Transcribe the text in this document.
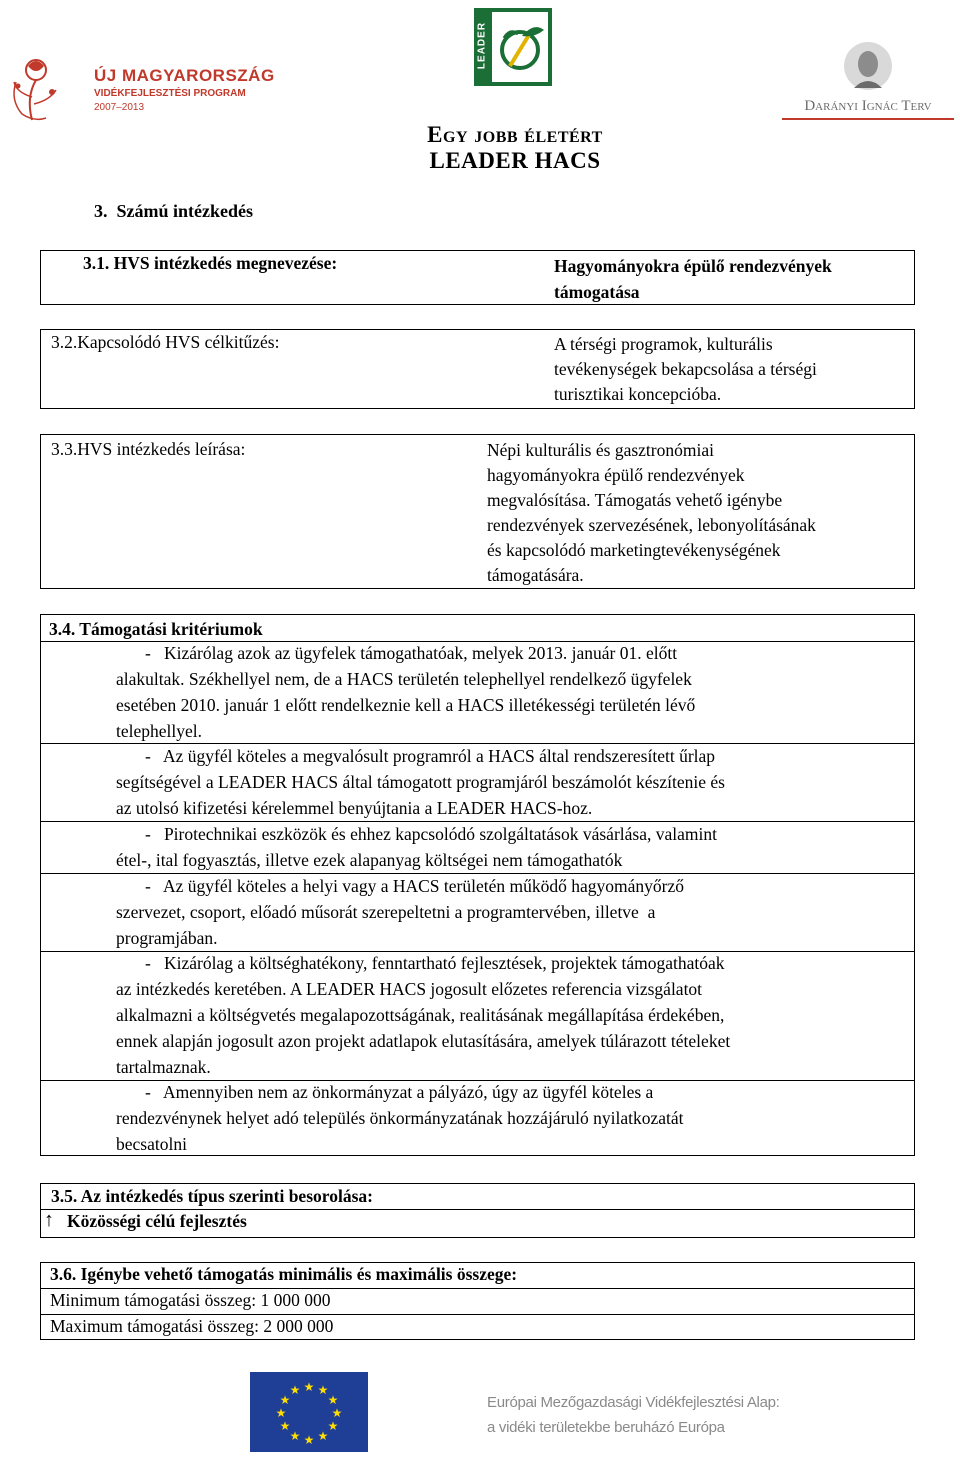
ÚJ MAGYARORSZÁG
VIDÉKFEJLESZTÉSI PROGRAM
2007–2013
LEADER
Darányi Ignác Terv
Egy jobb életért
LEADER HACS
3.  Számú intézkedés
3.1. HVS intézkedés megnevezése:	Hagyományokra épülő rendezvények
támogatása
3.2.Kapcsolódó HVS célkitűzés:	A térségi programok, kulturális
tevékenységek bekapcsolása a térségi
turisztikai koncepcióba.
3.3.HVS intézkedés leírása:	Népi kulturális és gasztronómiai
hagyományokra épülő rendezvények
megvalósítása. Támogatás vehető igénybe
rendezvények szervezésének, lebonyolításának
és kapcsolódó marketingtevékenységének
támogatására.
3.4. Támogatási kritériumok
-   Kizárólag azok az ügyfelek támogathatóak, melyek 2013. január 01. előtt
alakultak. Székhellyel nem, de a HACS területén telephellyel rendelkező ügyfelek
esetében 2010. január 1 előtt rendelkeznie kell a HACS illetékességi területén lévő
telephellyel.
-   Az ügyfél köteles a megvalósult programról a HACS által rendszeresített űrlap
segítségével a LEADER HACS által támogatott programjáról beszámolót készítenie és
az utolsó kifizetési kérelemmel benyújtania a LEADER HACS-hoz.
-   Pirotechnikai eszközök és ehhez kapcsolódó szolgáltatások vásárlása, valamint
étel-, ital fogyasztás, illetve ezek alapanyag költségei nem támogathatók
-   Az ügyfél köteles a helyi vagy a HACS területén működő hagyományőrző
szervezet, csoport, előadó műsorát szerepeltetni a programtervében, illetve  a
programjában.
-   Kizárólag a költséghatékony, fenntartható fejlesztések, projektek támogathatóak
az intézkedés keretében. A LEADER HACS jogosult előzetes referencia vizsgálatot
alkalmazni a költségvetés megalapozottságának, realitásának megállapítása érdekében,
ennek alapján jogosult azon projekt adatlapok elutasítására, amelyek túlárazott tételeket
tartalmaznak.
-   Amennyiben nem az önkormányzat a pályázó, úgy az ügyfél köteles a
rendezvénynek helyet adó település önkormányzatának hozzájáruló nyilatkozatát
becsatolni
3.5. Az intézkedés típus szerinti besorolása:
↑ Közösségi célú fejlesztés
3.6. Igénybe vehető támogatás minimális és maximális összege:
Minimum támogatási összeg: 1 000 000
Maximum támogatási összeg: 2 000 000
★ ★
★
★
★
★
★
★
★
★
★
★
Európai Mezőgazdasági Vidékfejlesztési Alap:
a vidéki területekbe beruházó Európa
